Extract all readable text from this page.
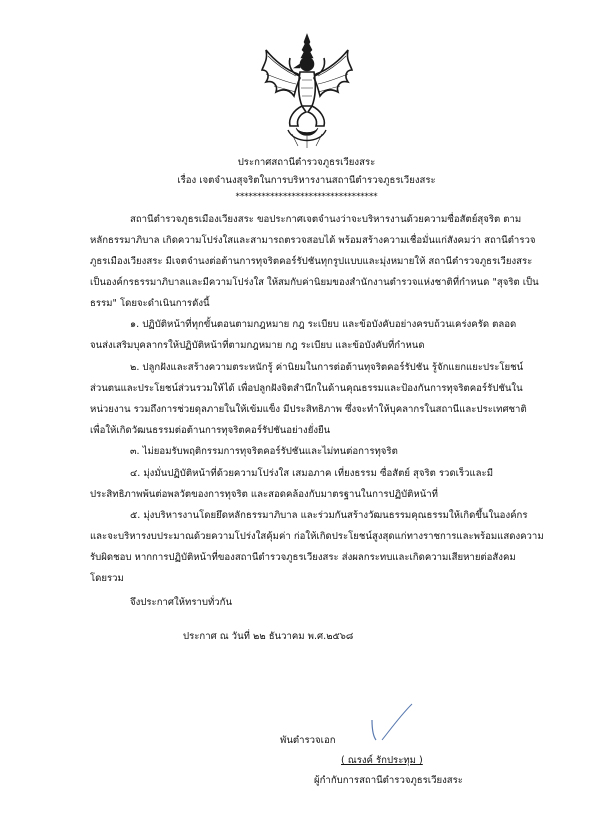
ประกาศสถานีตำรวจภูธรเวียงสระ
เรื่อง เจตจำนงสุจริตในการบริหารงานสถานีตำรวจภูธรเวียงสระ
*********************************
สถานีตำรวจภูธรเมืองเวียงสระ ขอประกาศเจตจำนงว่าจะบริหารงานด้วยความซื่อสัตย์สุจริต ตาม
หลักธรรมาภิบาล เกิดความโปร่งใสและสามารถตรวจสอบได้ พร้อมสร้างความเชื่อมั่นแก่สังคมว่า สถานีตำรวจ
ภูธรเมืองเวียงสระ มีเจตจำนงต่อต้านการทุจริตคอร์รัปชันทุกรูปแบบและมุ่งหมายให้ สถานีตำรวจภูธรเวียงสระ
เป็นองค์กรธรรมาภิบาลและมีความโปร่งใส ให้สมกับค่านิยมของสำนักงานตำรวจแห่งชาติที่กำหนด "สุจริต เป็น
ธรรม" โดยจะดำเนินการดังนี้
๑. ปฏิบัติหน้าที่ทุกขั้นตอนตามกฎหมาย กฎ ระเบียบ และข้อบังคับอย่างครบถ้วนเคร่งครัด ตลอด
จนส่งเสริมบุคลากรให้ปฏิบัติหน้าที่ตามกฎหมาย กฎ ระเบียบ และข้อบังคับที่กำหนด
๒. ปลูกฝังและสร้างความตระหนักรู้ ค่านิยมในการต่อต้านทุจริตคอร์รัปชัน รู้จักแยกแยะประโยชน์
ส่วนตนและประโยชน์ส่วนรวมให้ได้ เพื่อปลูกฝังจิตสำนึกในด้านคุณธรรมและป้องกันการทุจริตคอร์รัปชันใน
หน่วยงาน รวมถึงการช่วยดุลภายในให้เข้มแข็ง มีประสิทธิภาพ ซึ่งจะทำให้บุคลากรในสถานีและประเทศชาติ
เพื่อให้เกิดวัฒนธรรมต่อต้านการทุจริตคอร์รัปชันอย่างยั่งยืน
๓. ไม่ยอมรับพฤติกรรมการทุจริตคอร์รัปชันและไม่ทนต่อการทุจริต
๔. มุ่งมั่นปฏิบัติหน้าที่ด้วยความโปร่งใส เสมอภาค เที่ยงธรรม ซื่อสัตย์ สุจริต รวดเร็วและมี
ประสิทธิภาพพ้นต่อพลวัตของการทุจริต และสอดคล้องกับมาตรฐานในการปฏิบัติหน้าที่
๕. มุ่งบริหารงานโดยยึดหลักธรรมาภิบาล และร่วมกันสร้างวัฒนธรรมคุณธรรมให้เกิดขึ้นในองค์กร
และจะบริหารงบประมาณด้วยความโปร่งใสคุ้มค่า ก่อให้เกิดประโยชน์สูงสุดแก่ทางราชการและพร้อมแสดงความ
รับผิดชอบ หากการปฏิบัติหน้าที่ของสถานีตำรวจภูธรเวียงสระ ส่งผลกระทบและเกิดความเสียหายต่อสังคม
โดยรวม
จึงประกาศให้ทราบทั่วกัน
ประกาศ ณ วันที่ ๒๒ ธันวาคม พ.ศ.๒๕๖๘
พันตำรวจเอก
( ณรงค์ รักประทุม )
ผู้กำกับการสถานีตำรวจภูธรเวียงสระ
